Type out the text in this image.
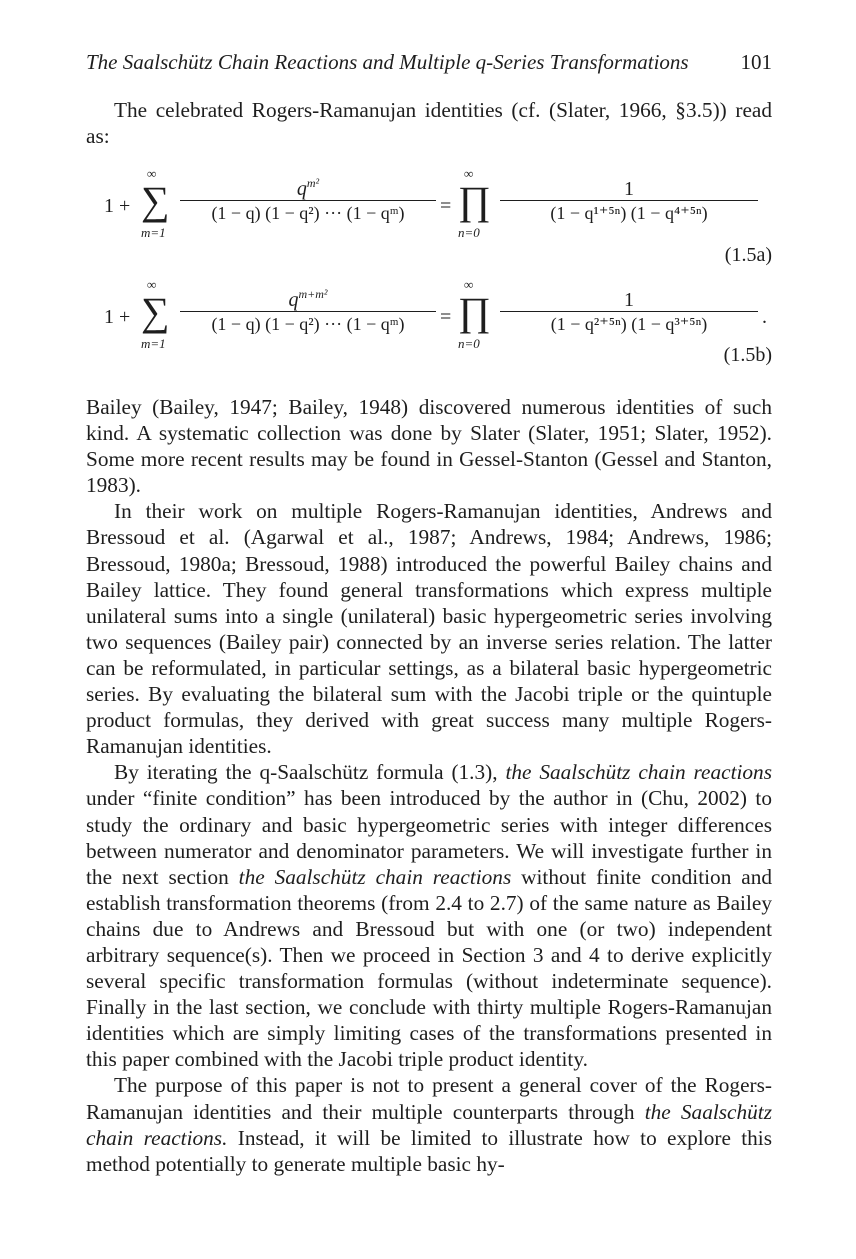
The Saalschütz Chain Reactions and Multiple q-Series Transformations 101

The celebrated Rogers-Ramanujan identities (cf. (Slater, 1966, §3.5)) read as:

1 +
∞
∑
m=1
$q^{m^2}$
(1 − q) (1 − q²) ··· (1 − qᵐ)	=
∞
∏
n=0
1
(1 − q¹⁺⁵ⁿ) (1 − q⁴⁺⁵ⁿ)
(1.5a)
1 +
∞
∑
m=1
$q^{m+m^2}$
(1 − q) (1 − q²) ··· (1 − qᵐ)	=
∞
∏
n=0
1
(1 − q²⁺⁵ⁿ) (1 − q³⁺⁵ⁿ)	.
(1.5b)

Bailey (Bailey, 1947; Bailey, 1948) discovered numerous identities of such kind. A systematic collection was done by Slater (Slater, 1951; Slater, 1952). Some more recent results may be found in Gessel-Stanton (Gessel and Stanton, 1983).

In their work on multiple Rogers-Ramanujan identities, Andrews and Bressoud et al. (Agarwal et al., 1987; Andrews, 1984; Andrews, 1986; Bressoud, 1980a; Bressoud, 1988) introduced the powerful Bailey chains and Bailey lattice. They found general transformations which express multiple unilateral sums into a single (unilateral) basic hypergeometric series involving two sequences (Bailey pair) connected by an inverse series relation. The latter can be reformulated, in particular settings, as a bilateral basic hypergeometric series. By evaluating the bilateral sum with the Jacobi triple or the quintuple product formulas, they derived with great success many multiple Rogers-Ramanujan identities.

By iterating the q-Saalschütz formula (1.3), the Saalschütz chain reactions under “finite condition” has been introduced by the author in (Chu, 2002) to study the ordinary and basic hypergeometric series with integer differences between numerator and denominator parameters. We will investigate further in the next section the Saalschütz chain reactions without finite condition and establish transformation theorems (from 2.4 to 2.7) of the same nature as Bailey chains due to Andrews and Bressoud but with one (or two) independent arbitrary sequence(s). Then we proceed in Section 3 and 4 to derive explicitly several specific transformation formulas (without indeterminate sequence). Finally in the last section, we conclude with thirty multiple Rogers-Ramanujan identities which are simply limiting cases of the transformations presented in this paper combined with the Jacobi triple product identity.

The purpose of this paper is not to present a general cover of the Rogers-Ramanujan identities and their multiple counterparts through the Saalschütz chain reactions. Instead, it will be limited to illustrate how to explore this method potentially to generate multiple basic hy-
